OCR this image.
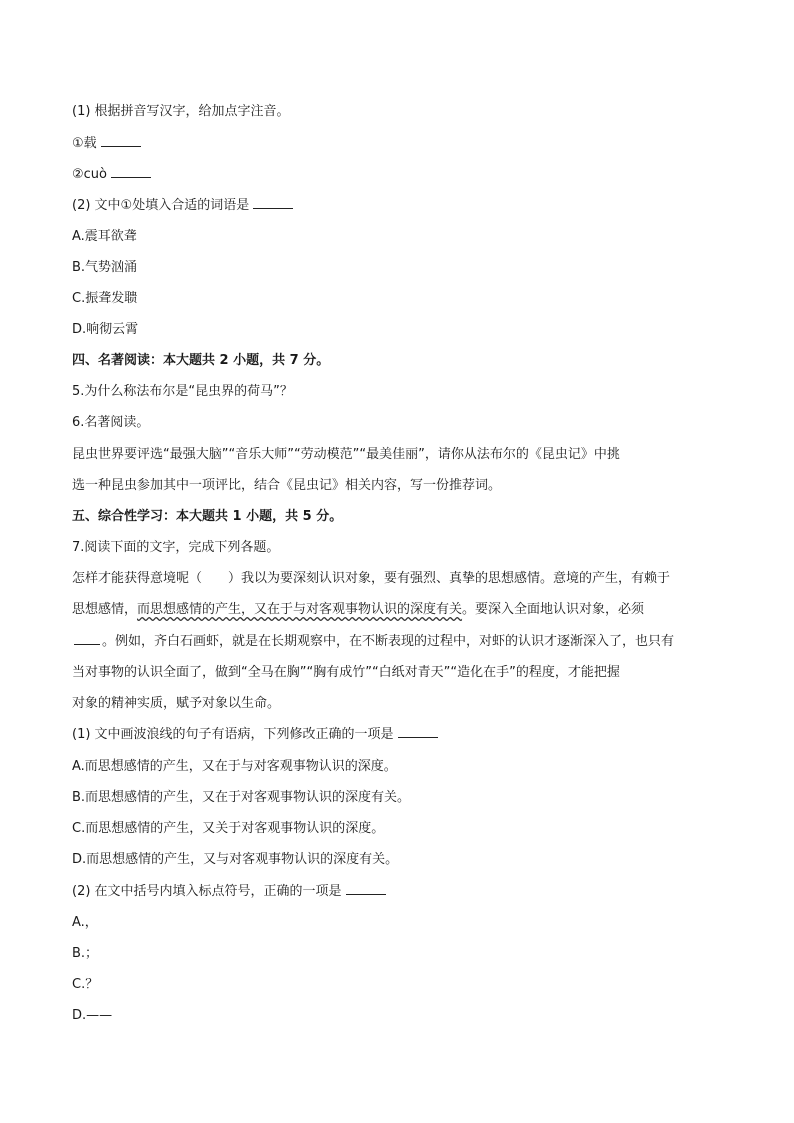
(1) 根据拼音写汉字，给加点字注音。
①载
②cuò
(2) 文中①处填入合适的词语是
A.震耳欲聋
B.气势汹涌
C.振聋发聩
D.响彻云霄
四、名著阅读：本大题共 2 小题，共 7 分。
5.为什么称法布尔是“昆虫界的荷马”？
6.名著阅读。
昆虫世界要评选“最强大脑”“音乐大师”“劳动模范”“最美佳丽”，请你从法布尔的《昆虫记》中挑
选一种昆虫参加其中一项评比，结合《昆虫记》相关内容，写一份推荐词。
五、综合性学习：本大题共 1 小题，共 5 分。
7.阅读下面的文字，完成下列各题。
怎样才能获得意境呢（ ）我以为要深刻认识对象，要有强烈、真挚的思想感情。意境的产生，有赖于
思想感情，而思想感情的产生，又在于与对客观事物认识的深度有关。要深入全面地认识对象，必须
。例如，齐白石画虾，就是在长期观察中，在不断表现的过程中，对虾的认识才逐渐深入了，也只有
当对事物的认识全面了，做到“全马在胸”“胸有成竹”“白纸对青天”“造化在手”的程度，才能把握
对象的精神实质，赋予对象以生命。
(1) 文中画波浪线的句子有语病，下列修改正确的一项是
A.而思想感情的产生，又在于与对客观事物认识的深度。
B.而思想感情的产生，又在于对客观事物认识的深度有关。
C.而思想感情的产生，又关于对客观事物认识的深度。
D.而思想感情的产生，又与对客观事物认识的深度有关。
(2) 在文中括号内填入标点符号，正确的一项是
A.，
B.；
C.？
D.——
